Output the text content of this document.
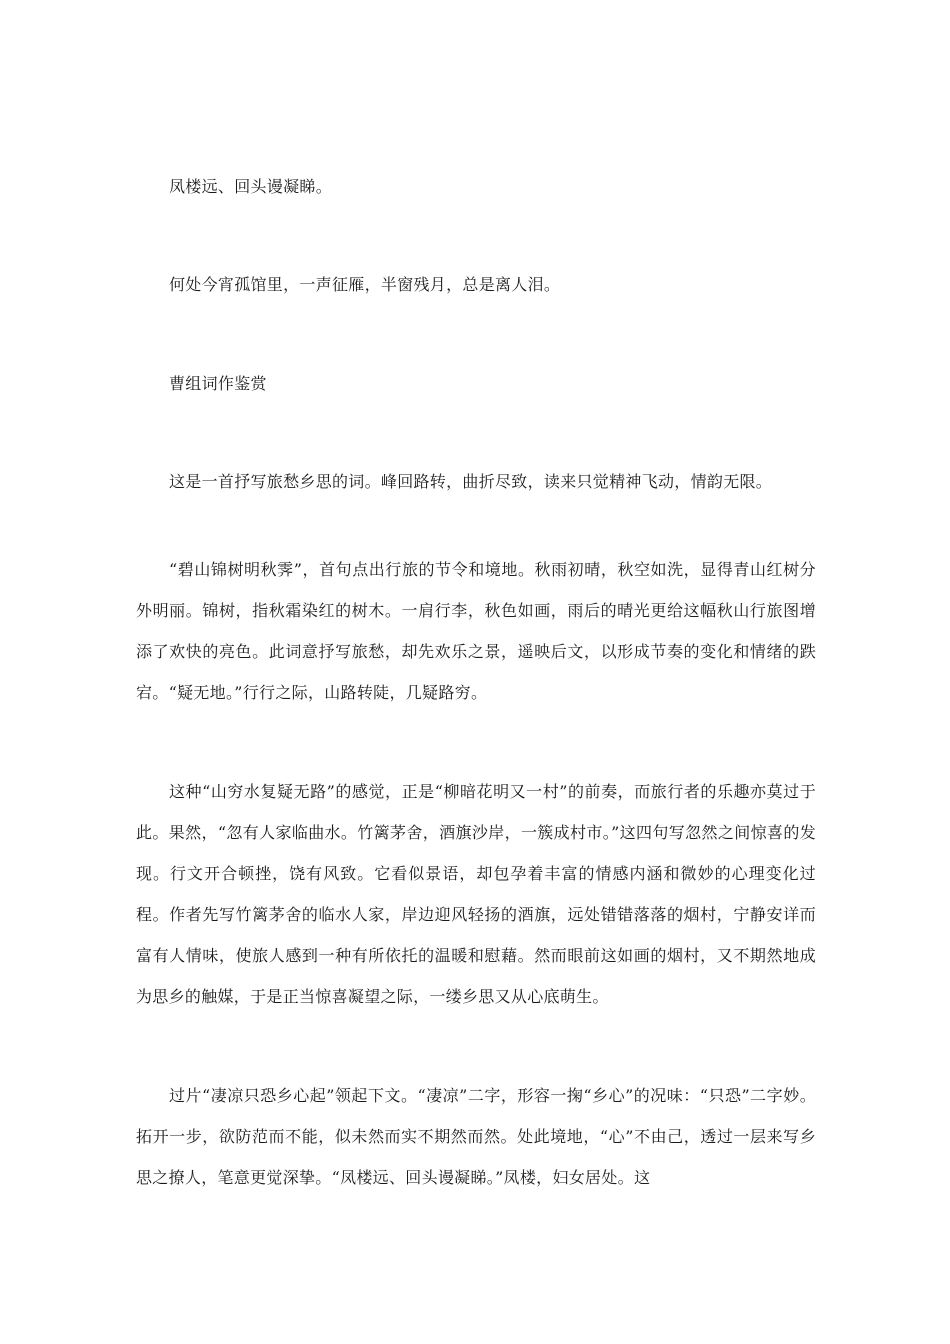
凤楼远、回头谩凝睇。

何处今宵孤馆里，一声征雁，半窗残月，总是离人泪。

曹组词作鉴赏

这是一首抒写旅愁乡思的词。峰回路转，曲折尽致，读来只觉精神飞动，情韵无限。

“碧山锦树明秋霁”，首句点出行旅的节令和境地。秋雨初晴，秋空如洗，显得青山红树分外明丽。锦树，指秋霜染红的树木。一肩行李，秋色如画，雨后的晴光更给这幅秋山行旅图增添了欢快的亮色。此词意抒写旅愁，却先欢乐之景，遥映后文，以形成节奏的变化和情绪的跌宕。“疑无地。”行行之际，山路转陡，几疑路穷。

这种“山穷水复疑无路”的感觉，正是“柳暗花明又一村”的前奏，而旅行者的乐趣亦莫过于此。果然，“忽有人家临曲水。竹篱茅舍，酒旗沙岸，一簇成村市。”这四句写忽然之间惊喜的发现。行文开合顿挫，饶有风致。它看似景语，却包孕着丰富的情感内涵和微妙的心理变化过程。作者先写竹篱茅舍的临水人家，岸边迎风轻扬的酒旗，远处错错落落的烟村，宁静安详而富有人情味，使旅人感到一种有所依托的温暖和慰藉。然而眼前这如画的烟村，又不期然地成为思乡的触媒，于是正当惊喜凝望之际，一缕乡思又从心底萌生。

过片“凄凉只恐乡心起”领起下文。“凄凉”二字，形容一掬“乡心”的况味：“只恐”二字妙。拓开一步，欲防范而不能，似未然而实不期然而然。处此境地，“心”不由己，透过一层来写乡思之撩人，笔意更觉深挚。“凤楼远、回头谩凝睇。”凤楼，妇女居处。这
